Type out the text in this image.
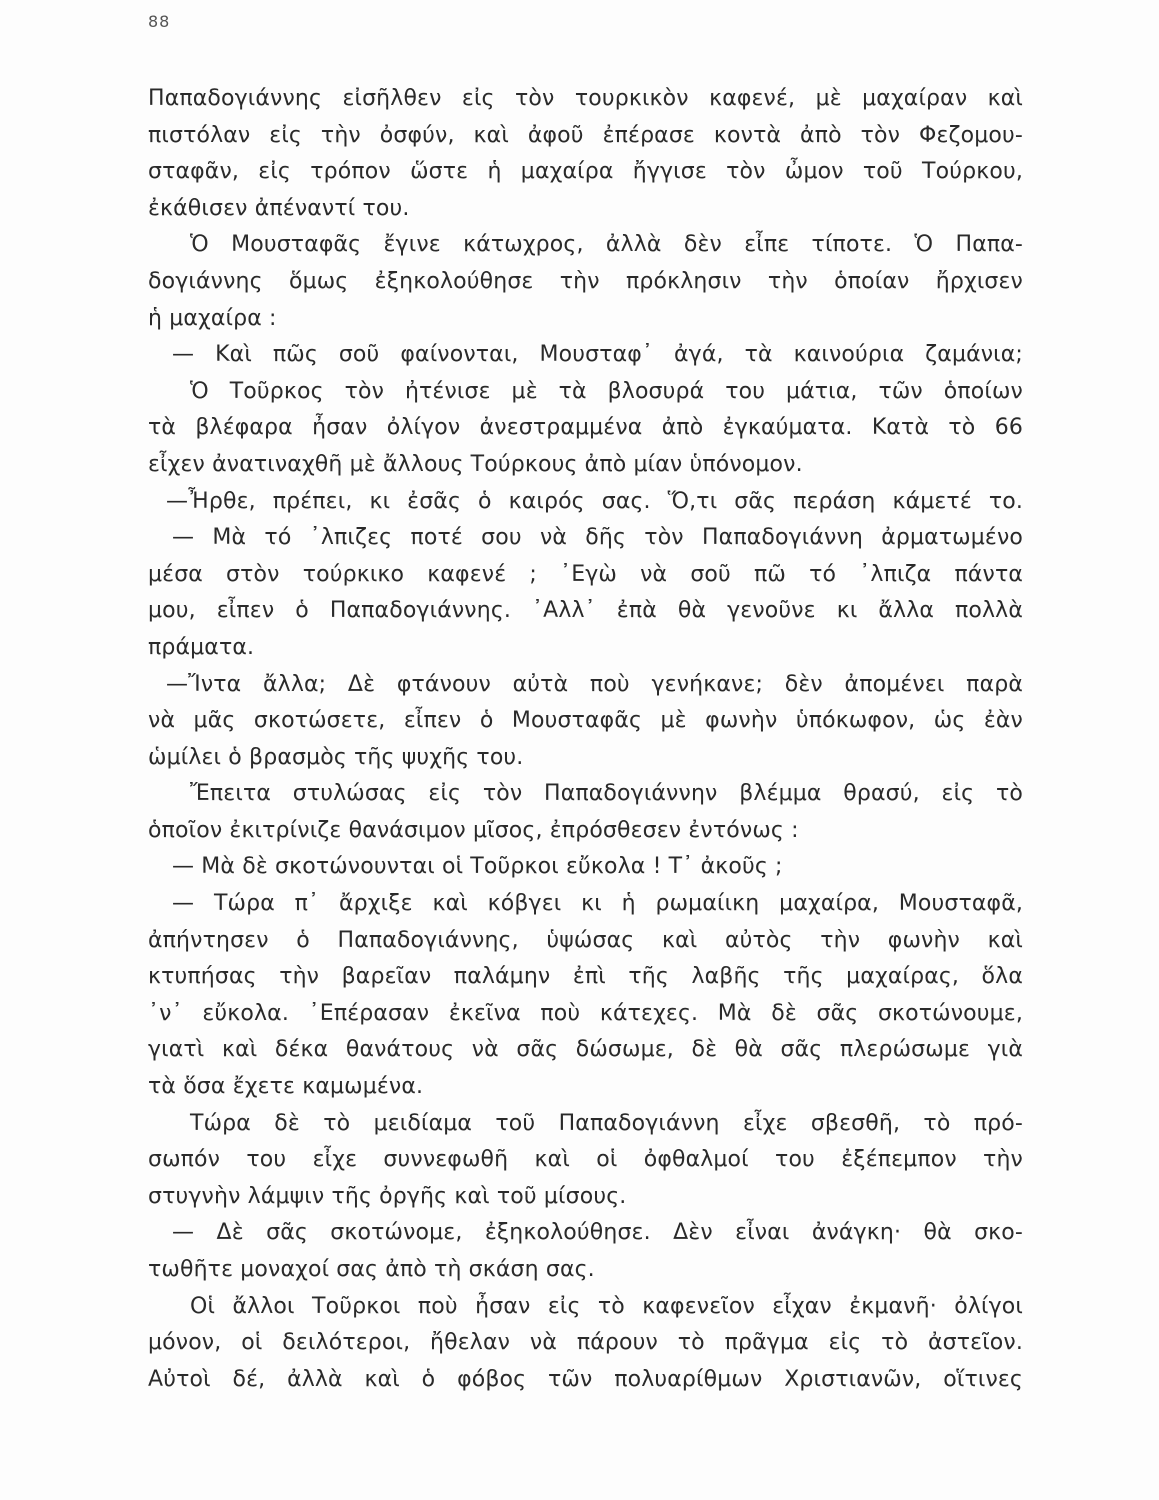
88
Παπαδογιάννης εἰσῆλθεν εἰς τὸν τουρκικὸν καφενέ, μὲ μαχαίραν καὶ
πιστόλαν εἰς τὴν ὀσφύν, καὶ ἀφοῦ ἐπέρασε κοντὰ ἀπὸ τὸν Φεζομου-
σταφᾶν, εἰς τρόπον ὥστε ἡ μαχαίρα ἤγγισε τὸν ὦμον τοῦ Τούρκου,
ἐκάθισεν ἀπέναντί του.
Ὁ Μουσταφᾶς ἔγινε κάτωχρος, ἀλλὰ δὲν εἶπε τίποτε. Ὁ Παπα-
δογιάννης ὅμως ἐξηκολούθησε τὴν πρόκλησιν τὴν ὁποίαν ἤρχισεν
ἡ μαχαίρα :
— Καὶ πῶς σοῦ φαίνονται, Μουσταφ᾽ ἀγά, τὰ καινούρια ζαμάνια;
Ὁ Τοῦρκος τὸν ἠτένισε μὲ τὰ βλοσυρά του μάτια, τῶν ὁποίων
τὰ βλέφαρα ἦσαν ὀλίγον ἀνεστραμμένα ἀπὸ ἐγκαύματα. Κατὰ τὸ 66
εἶχεν ἀνατιναχθῆ μὲ ἄλλους Τούρκους ἀπὸ μίαν ὑπόνομον.
—Ἦρθε, πρέπει, κι ἐσᾶς ὁ καιρός σας. Ὅ,τι σᾶς περάση κάμετέ το.
— Μὰ τό ᾽λπιζες ποτέ σου νὰ δῆς τὸν Παπαδογιάννη ἀρματωμένο
μέσα στὸν τούρκικο καφενέ ; ᾽Εγὼ νὰ σοῦ πῶ τό ᾽λπιζα πάντα
μου, εἶπεν ὁ Παπαδογιάννης. ᾽Αλλ᾽ ἐπὰ θὰ γενοῦνε κι ἄλλα πολλὰ
πράματα.
—Ἴντα ἄλλα; Δὲ φτάνουν αὐτὰ ποὺ γενήκανε; δὲν ἀπομένει παρὰ
νὰ μᾶς σκοτώσετε, εἶπεν ὁ Μουσταφᾶς μὲ φωνὴν ὑπόκωφον, ὡς ἐὰν
ὡμίλει ὁ βρασμὸς τῆς ψυχῆς του.
Ἔπειτα στυλώσας εἰς τὸν Παπαδογιάννην βλέμμα θρασύ, εἰς τὸ
ὁποῖον ἐκιτρίνιζε θανάσιμον μῖσος, ἐπρόσθεσεν ἐντόνως :
— Μὰ δὲ σκοτώνουνται οἱ Τοῦρκοι εὔκολα ! Τ᾽ ἀκοῦς ;
— Τώρα π᾽ ἄρχιξε καὶ κόβγει κι ἡ ρωμαίικη μαχαίρα, Μουσταφᾶ,
ἀπήντησεν ὁ Παπαδογιάννης, ὑψώσας καὶ αὐτὸς τὴν φωνὴν καὶ
κτυπήσας τὴν βαρεῖαν παλάμην ἐπὶ τῆς λαβῆς τῆς μαχαίρας, ὅλα
᾽ν᾽ εὔκολα. ᾽Επέρασαν ἐκεῖνα ποὺ κάτεχες. Μὰ δὲ σᾶς σκοτώνουμε,
γιατὶ καὶ δέκα θανάτους νὰ σᾶς δώσωμε, δὲ θὰ σᾶς πλερώσωμε γιὰ
τὰ ὅσα ἔχετε καμωμένα.
Τώρα δὲ τὸ μειδίαμα τοῦ Παπαδογιάννη εἶχε σβεσθῆ, τὸ πρό-
σωπόν του εἶχε συννεφωθῆ καὶ οἱ ὀφθαλμοί του ἐξέπεμπον τὴν
στυγνὴν λάμψιν τῆς ὀργῆς καὶ τοῦ μίσους.
— Δὲ σᾶς σκοτώνομε, ἐξηκολούθησε. Δὲν εἶναι ἀνάγκη· θὰ σκο-
τωθῆτε μοναχοί σας ἀπὸ τὴ σκάση σας.
Οἱ ἄλλοι Τοῦρκοι ποὺ ἦσαν εἰς τὸ καφενεῖον εἶχαν ἐκμανῆ· ὀλίγοι
μόνον, οἱ δειλότεροι, ἤθελαν νὰ πάρουν τὸ πρᾶγμα εἰς τὸ ἀστεῖον.
Αὐτοὶ δέ, ἀλλὰ καὶ ὁ φόβος τῶν πολυαρίθμων Χριστιανῶν, οἵτινες
